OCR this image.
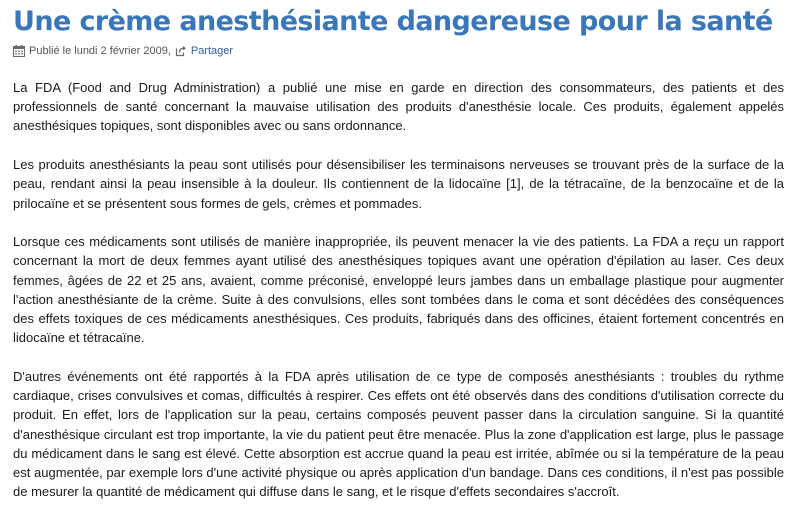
Une crème anesthésiante dangereuse pour la santé
Publié le lundi 2 février 2009 , Partager

La FDA (Food and Drug Administration) a publié une mise en garde en direction des consommateurs, des patients et des professionnels de santé concernant la mauvaise utilisation des produits d'anesthésie locale. Ces produits, également appelés anesthésiques topiques, sont disponibles avec ou sans ordonnance.

Les produits anesthésiants la peau sont utilisés pour désensibiliser les terminaisons nerveuses se trouvant près de la surface de la peau, rendant ainsi la peau insensible à la douleur. Ils contiennent de la lidocaïne [1], de la tétracaïne, de la benzocaïne et de la prilocaïne et se présentent sous formes de gels, crèmes et pommades.

Lorsque ces médicaments sont utilisés de manière inappropriée, ils peuvent menacer la vie des patients. La FDA a reçu un rapport concernant la mort de deux femmes ayant utilisé des anesthésiques topiques avant une opération d'épilation au laser. Ces deux femmes, âgées de 22 et 25 ans, avaient, comme préconisé, enveloppé leurs jambes dans un emballage plastique pour augmenter l'action anesthésiante de la crème. Suite à des convulsions, elles sont tombées dans le coma et sont décédées des conséquences des effets toxiques de ces médicaments anesthésiques. Ces produits, fabriqués dans des officines, étaient fortement concentrés en lidocaïne et tétracaïne.

D'autres événements ont été rapportés à la FDA après utilisation de ce type de composés anesthésiants : troubles du rythme cardiaque, crises convulsives et comas, difficultés à respirer. Ces effets ont été observés dans des conditions d'utilisation correcte du produit. En effet, lors de l'application sur la peau, certains composés peuvent passer dans la circulation sanguine. Si la quantité d'anesthésique circulant est trop importante, la vie du patient peut être menacée. Plus la zone d'application est large, plus le passage du médicament dans le sang est élevé. Cette absorption est accrue quand la peau est irritée, abîmée ou si la température de la peau est augmentée, par exemple lors d'une activité physique ou après application d'un bandage. Dans ces conditions, il n'est pas possible de mesurer la quantité de médicament qui diffuse dans le sang, et le risque d'effets secondaires s'accroît.
